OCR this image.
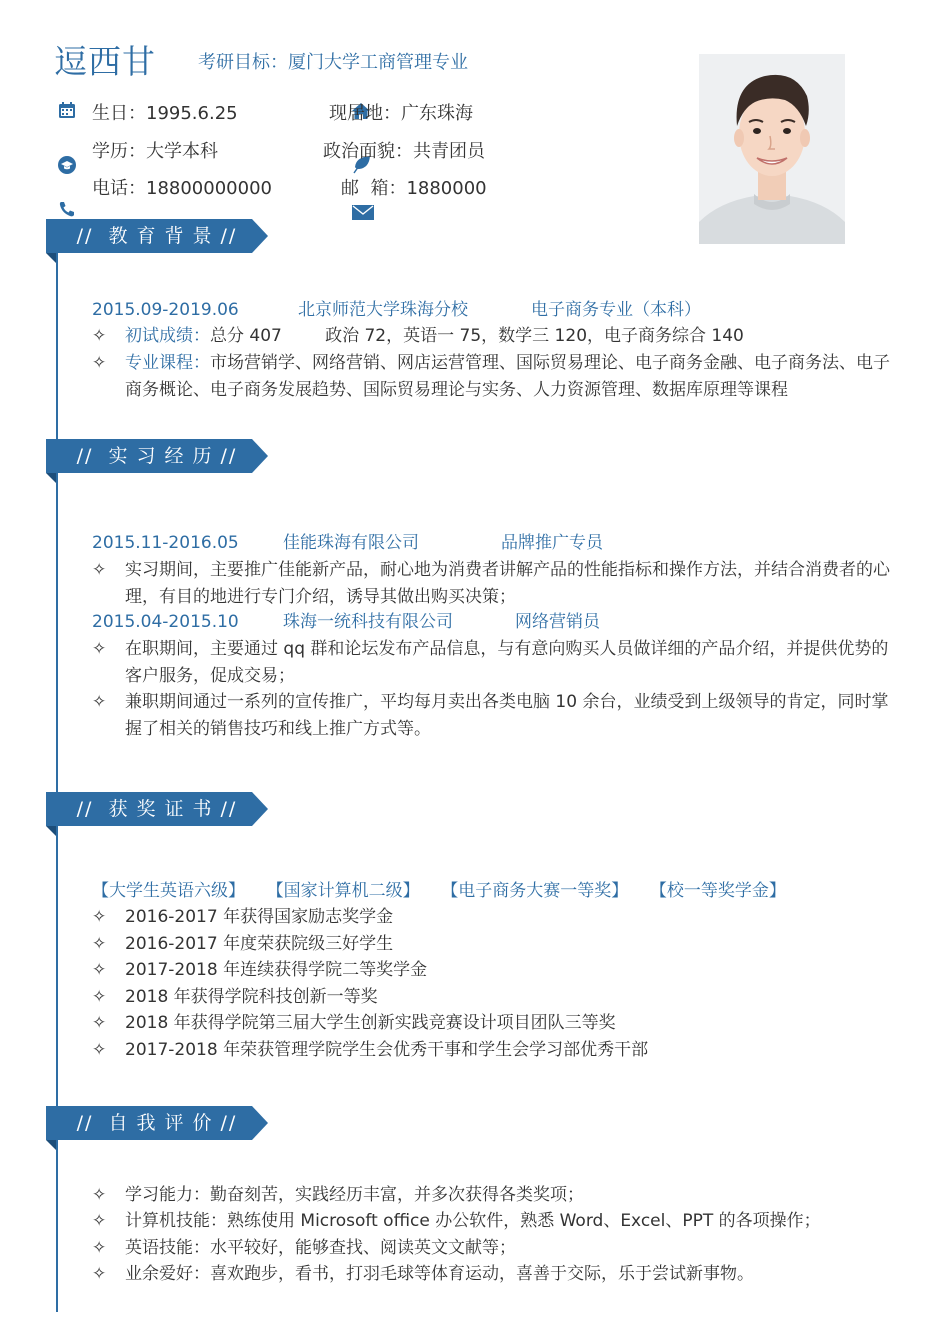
逗西甘 考研目标：厦门大学工商管理专业
生日：1995.6.25	现居地：广东珠海
学历：大学本科	政治面貌：共青团员
电话：18800000000	邮  箱：1880000
// 教育背景//
2015.09-2019.06	北京师范大学珠海分校	电子商务专业（本科）
✧	初试成绩：总分 407        政治 72，英语一 75，数学三 120，电子商务综合 140
✧	专业课程：市场营销学、网络营销、网店运营管理、国际贸易理论、电子商务金融、电子商务法、电子商务概论、电子商务发展趋势、国际贸易理论与实务、人力资源管理、数据库原理等课程
// 实习经历//
2015.11-2016.05	佳能珠海有限公司	品牌推广专员
✧	实习期间，主要推广佳能新产品，耐心地为消费者讲解产品的性能指标和操作方法，并结合消费者的心理，有目的地进行专门介绍，诱导其做出购买决策；
2015.04-2015.10	珠海一统科技有限公司	网络营销员
✧	在职期间，主要通过 qq 群和论坛发布产品信息，与有意向购买人员做详细的产品介绍，并提供优势的客户服务，促成交易；
✧	兼职期间通过一系列的宣传推广，平均每月卖出各类电脑 10 余台，业绩受到上级领导的肯定，同时掌握了相关的销售技巧和线上推广方式等。
// 获奖证书//
【大学生英语六级】    【国家计算机二级】    【电子商务大赛一等奖】    【校一等奖学金】
✧	2016-2017 年获得国家励志奖学金
✧	2016-2017 年度荣获院级三好学生
✧	2017-2018 年连续获得学院二等奖学金
✧	2018 年获得学院科技创新一等奖
✧	2018 年获得学院第三届大学生创新实践竞赛设计项目团队三等奖
✧	2017-2018 年荣获管理学院学生会优秀干事和学生会学习部优秀干部
// 自我评价//
✧	学习能力：勤奋刻苦，实践经历丰富，并多次获得各类奖项；
✧	计算机技能：熟练使用 Microsoft office 办公软件，熟悉 Word、Excel、PPT 的各项操作；
✧	英语技能：水平较好，能够查找、阅读英文文献等；
✧	业余爱好：喜欢跑步，看书，打羽毛球等体育运动，喜善于交际，乐于尝试新事物。
